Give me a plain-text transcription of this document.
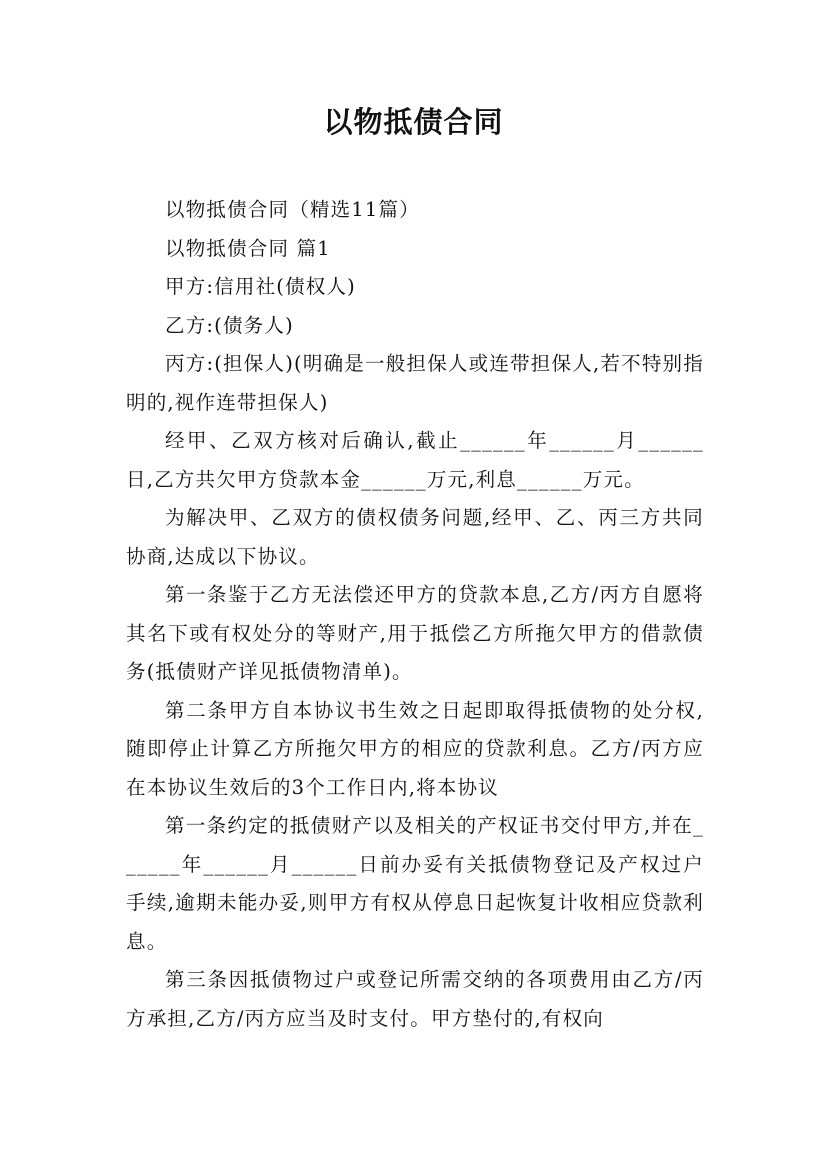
以物抵债合同

以物抵债合同（精选11篇）

以物抵债合同 篇1

甲方:信用社(债权人)

乙方:(债务人)

丙方:(担保人)(明确是一般担保人或连带担保人,若不特别指明的,视作连带担保人)

经甲、乙双方核对后确认,截止______年______月______日,乙方共欠甲方贷款本金______万元,利息______万元。

为解决甲、乙双方的债权债务问题,经甲、乙、丙三方共同协商,达成以下协议。

第一条鉴于乙方无法偿还甲方的贷款本息,乙方/丙方自愿将其名下或有权处分的等财产,用于抵偿乙方所拖欠甲方的借款债务(抵债财产详见抵债物清单)。

第二条甲方自本协议书生效之日起即取得抵债物的处分权,随即停止计算乙方所拖欠甲方的相应的贷款利息。乙方/丙方应在本协议生效后的3个工作日内,将本协议

第一条约定的抵债财产以及相关的产权证书交付甲方,并在______年______月______日前办妥有关抵债物登记及产权过户手续,逾期未能办妥,则甲方有权从停息日起恢复计收相应贷款利息。

第三条因抵债物过户或登记所需交纳的各项费用由乙方/丙方承担,乙方/丙方应当及时支付。甲方垫付的,有权向
